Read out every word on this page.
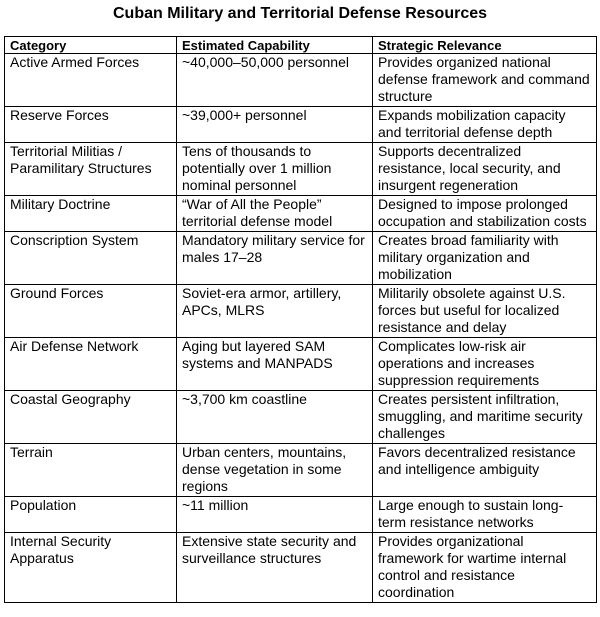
Cuban Military and Territorial Defense Resources
Category	Estimated Capability	Strategic Relevance
Active Armed Forces	~40,000–50,000 personnel	Provides organized national defense framework and command structure
Reserve Forces	~39,000+ personnel	Expands mobilization capacity and territorial defense depth
Territorial Militias / Paramilitary Structures	Tens of thousands to potentially over 1 million nominal personnel	Supports decentralized resistance, local security, and insurgent regeneration
Military Doctrine	“War of All the People” territorial defense model	Designed to impose prolonged occupation and stabilization costs
Conscription System	Mandatory military service for males 17–28	Creates broad familiarity with military organization and mobilization
Ground Forces	Soviet-era armor, artillery, APCs, MLRS	Militarily obsolete against U.S. forces but useful for localized resistance and delay
Air Defense Network	Aging but layered SAM systems and MANPADS	Complicates low-risk air operations and increases suppression requirements
Coastal Geography	~3,700 km coastline	Creates persistent infiltration, smuggling, and maritime security challenges
Terrain	Urban centers, mountains, dense vegetation in some regions	Favors decentralized resistance and intelligence ambiguity
Population	~11 million	Large enough to sustain long-term resistance networks
Internal Security Apparatus	Extensive state security and surveillance structures	Provides organizational framework for wartime internal control and resistance coordination
